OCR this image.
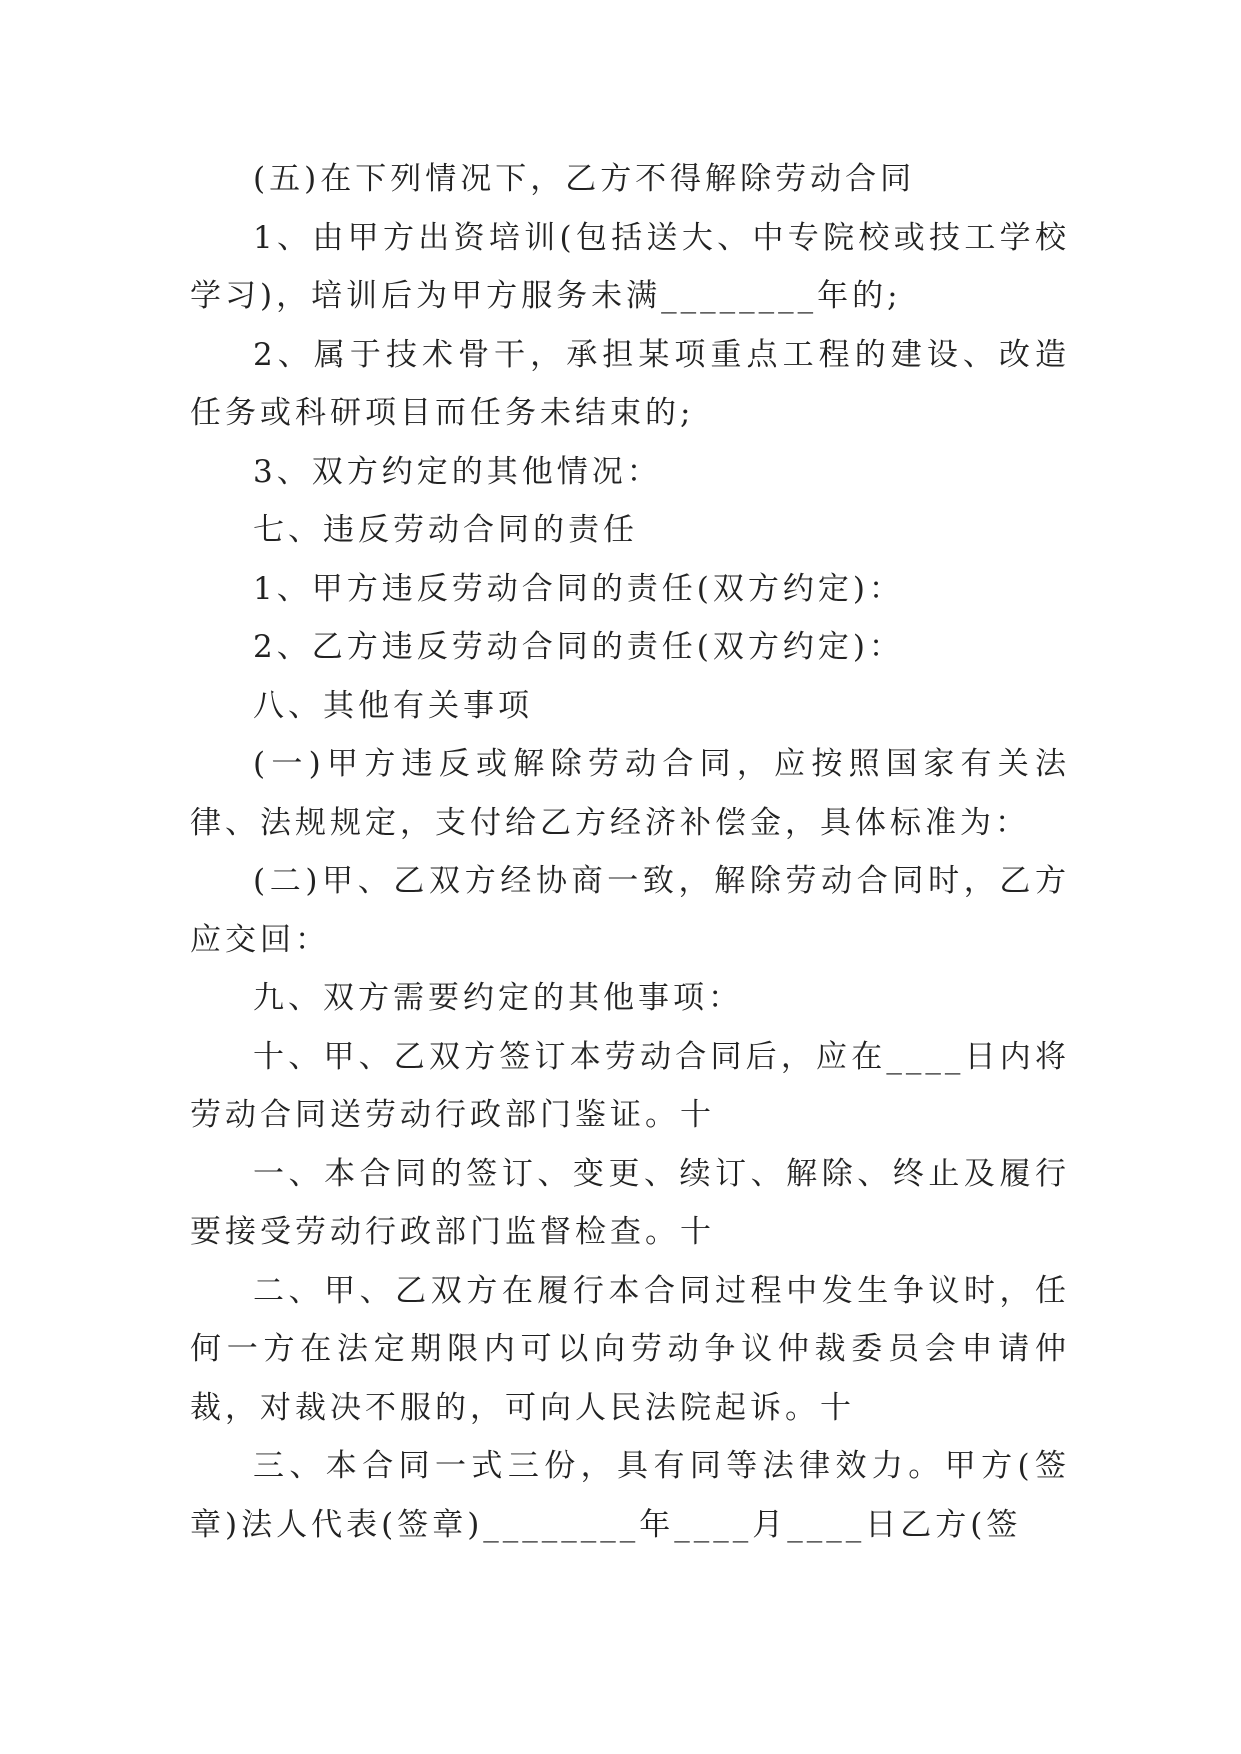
(五)在下列情况下，乙方不得解除劳动合同

1、由甲方出资培训(包括送大、中专院校或技工学校学习)，培训后为甲方服务未满________年的;

2、属于技术骨干，承担某项重点工程的建设、改造任务或科研项目而任务未结束的;

3、双方约定的其他情况：

七、违反劳动合同的责任

1、甲方违反劳动合同的责任(双方约定)：

2、乙方违反劳动合同的责任(双方约定)：

八、其他有关事项

(一)甲方违反或解除劳动合同，应按照国家有关法律、法规规定，支付给乙方经济补偿金，具体标准为：

(二)甲、乙双方经协商一致，解除劳动合同时，乙方应交回：

九、双方需要约定的其他事项：

十、甲、乙双方签订本劳动合同后，应在____日内将劳动合同送劳动行政部门鉴证。十

一、本合同的签订、变更、续订、解除、终止及履行要接受劳动行政部门监督检查。十

二、甲、乙双方在履行本合同过程中发生争议时，任何一方在法定期限内可以向劳动争议仲裁委员会申请仲裁，对裁决不服的，可向人民法院起诉。十

三、本合同一式三份，具有同等法律效力。甲方(签章)法人代表(签章)________年____月____日乙方(签
